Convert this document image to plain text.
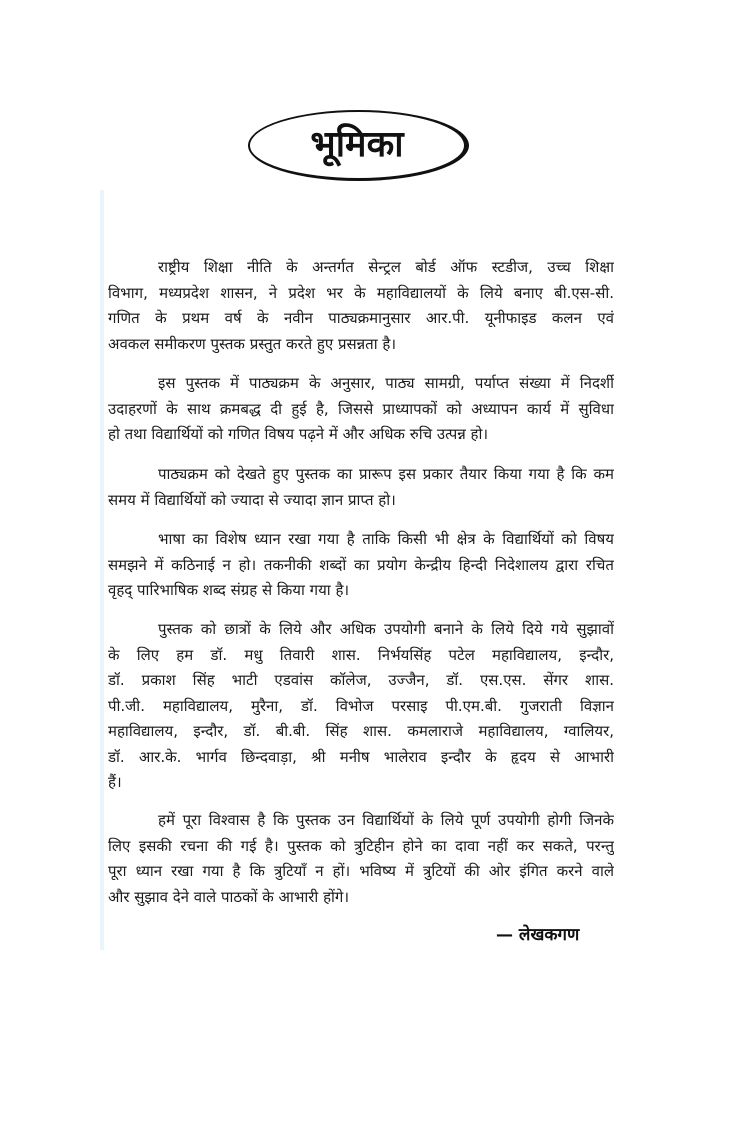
भूमिका
राष्ट्रीय शिक्षा नीति के अन्तर्गत सेन्ट्रल बोर्ड ऑफ स्टडीज, उच्च शिक्षा
विभाग, मध्यप्रदेश शासन, ने प्रदेश भर के महाविद्यालयों के लिये बनाए बी.एस-सी.
गणित के प्रथम वर्ष के नवीन पाठ्यक्रमानुसार आर.पी. यूनीफाइड कलन एवं
अवकल समीकरण पुस्तक प्रस्तुत करते हुए प्रसन्नता है।
इस पुस्तक में पाठ्यक्रम के अनुसार, पाठ्य सामग्री, पर्याप्त संख्या में निदर्शी
उदाहरणों के साथ क्रमबद्ध दी हुई है, जिससे प्राध्यापकों को अध्यापन कार्य में सुविधा
हो तथा विद्यार्थियों को गणित विषय पढ़ने में और अधिक रुचि उत्पन्न हो।
पाठ्यक्रम को देखते हुए पुस्तक का प्रारूप इस प्रकार तैयार किया गया है कि कम
समय में विद्यार्थियों को ज्यादा से ज्यादा ज्ञान प्राप्त हो।
भाषा का विशेष ध्यान रखा गया है ताकि किसी भी क्षेत्र के विद्यार्थियों को विषय
समझने में कठिनाई न हो। तकनीकी शब्दों का प्रयोग केन्द्रीय हिन्दी निदेशालय द्वारा रचित
वृहद् पारिभाषिक शब्द संग्रह से किया गया है।
पुस्तक को छात्रों के लिये और अधिक उपयोगी बनाने के लिये दिये गये सुझावों
के लिए हम डॉ. मधु तिवारी शास. निर्भयसिंह पटेल महाविद्यालय, इन्दौर,
डॉ. प्रकाश सिंह भाटी एडवांस कॉलेज, उज्जैन, डॉ. एस.एस. सेंगर शास.
पी.जी. महाविद्यालय, मुरैना, डॉ. विभोज परसाइ पी.एम.बी. गुजराती विज्ञान
महाविद्यालय, इन्दौर, डॉ. बी.बी. सिंह शास. कमलाराजे महाविद्यालय, ग्वालियर,
डॉ. आर.के. भार्गव छिन्दवाड़ा, श्री मनीष भालेराव इन्दौर के हृदय से आभारी
हैं।
हमें पूरा विश्वास है कि पुस्तक उन विद्यार्थियों के लिये पूर्ण उपयोगी होगी जिनके
लिए इसकी रचना की गई है। पुस्तक को त्रुटिहीन होने का दावा नहीं कर सकते, परन्तु
पूरा ध्यान रखा गया है कि त्रुटियाँ न हों। भविष्य में त्रुटियों की ओर इंगित करने वाले
और सुझाव देने वाले पाठकों के आभारी होंगे।
— लेखकगण
